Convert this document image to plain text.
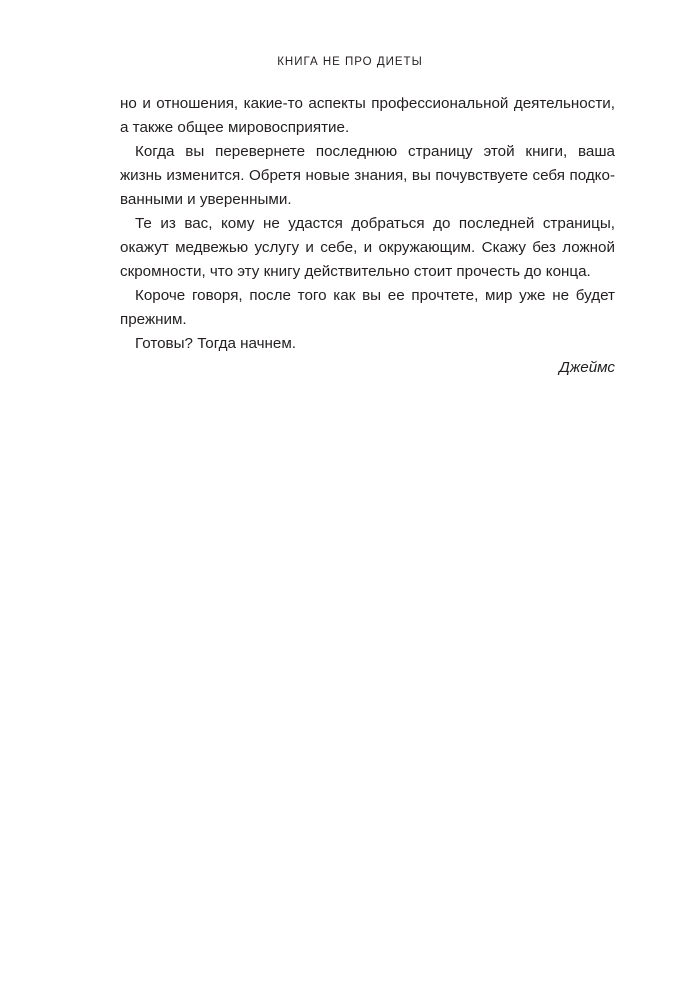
КНИГА НЕ ПРО ДИЕТЫ
но и отношения, какие-то аспекты профессиональной деятельности,
а также общее мировосприятие.
Когда вы перевернете последнюю страницу этой книги, ваша
жизнь изменится. Обретя новые знания, вы почувствуете себя подко-
ванными и уверенными.
Те из вас, кому не удастся добраться до последней страницы,
окажут медвежью услугу и себе, и окружающим. Скажу без ложной
скромности, что эту книгу действительно стоит прочесть до конца.
Короче говоря, после того как вы ее прочтете, мир уже не будет
прежним.
Готовы? Тогда начнем.
Джеймс
